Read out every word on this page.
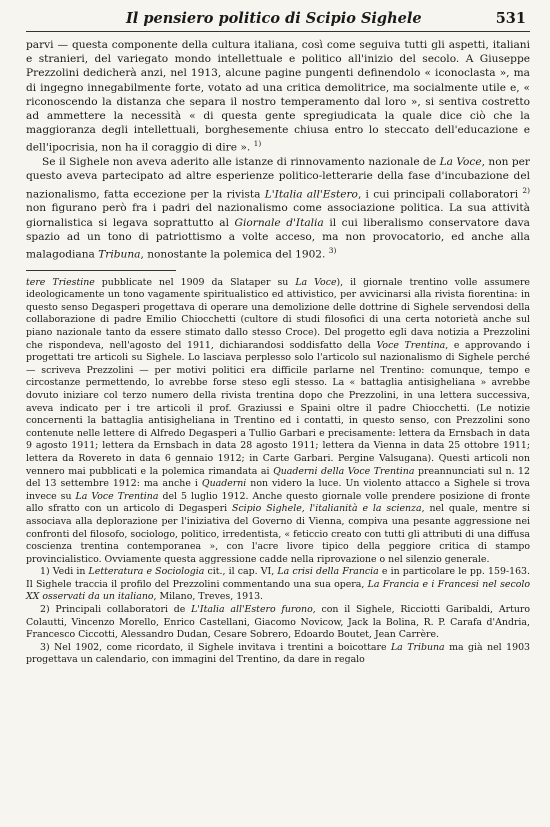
Il pensiero politico di Scipio Sighele	531

parvi — questa componente della cultura italiana, così come seguiva tutti gli aspetti, italiani e stranieri, del variegato mondo intellettuale e politico all'inizio del secolo. A Giuseppe Prezzolini dedicherà anzi, nel 1913, alcune pagine pungenti definendolo « iconoclasta », ma di ingegno innegabilmente forte, votato ad una critica demolitrice, ma socialmente utile e, « riconoscendo la distanza che separa il nostro temperamento dal loro », si sentiva costretto ad ammettere la necessità « di questa gente spregiudicata la quale dice ciò che la maggioranza degli intellettuali, borghesemente chiusa entro lo steccato dell'educazione e dell'ipocrisia, non ha il coraggio di dire ». $^{1)}$

Se il Sighele non aveva aderito alle istanze di rinnovamento nazionale de La Voce, non per questo aveva partecipato ad altre esperienze politico-letterarie della fase d'incubazione del nazionalismo, fatta eccezione per la rivista L'Italia all'Estero, i cui principali collaboratori $^{2)}$ non figurano però fra i padri del nazionalismo come associazione politica. La sua attività giornalistica si legava soprattutto al Giornale d'Italia il cui liberalismo conservatore dava spazio ad un tono di patriottismo a volte acceso, ma non provocatorio, ed anche alla malagodiana Tribuna, nonostante la polemica del 1902. $^{3)}$

tere Triestine pubblicate nel 1909 da Slataper su La Voce), il giornale trentino volle assumere ideologicamente un tono vagamente spiritualistico ed attivistico, per avvicinarsi alla rivista fiorentina: in questo senso Degasperi progettava di operare una demolizione delle dottrine di Sighele servendosi della collaborazione di padre Emilio Chiocchetti (cultore di studi filosofici di una certa notorietà anche sul piano nazionale tanto da essere stimato dallo stesso Croce). Del progetto egli dava notizia a Prezzolini che rispondeva, nell'agosto del 1911, dichiarandosi soddisfatto della Voce Trentina, e approvando i progettati tre articoli su Sighele. Lo lasciava perplesso solo l'articolo sul nazionalismo di Sighele perché — scriveva Prezzolini — per motivi politici era difficile parlarne nel Trentino: comunque, tempo e circostanze permettendo, lo avrebbe forse steso egli stesso. La « battaglia antisigheliana » avrebbe dovuto iniziare col terzo numero della rivista trentina dopo che Prezzolini, in una lettera successiva, aveva indicato per i tre articoli il prof. Graziussi e Spaini oltre il padre Chiocchetti. (Le notizie concernenti la battaglia antisigheliana in Trentino ed i contatti, in questo senso, con Prezzolini sono contenute nelle lettere di Alfredo Degasperi a Tullio Garbari e precisamente: lettera da Ernsbach in data 9 agosto 1911; lettera da Ernsbach in data 28 agosto 1911; lettera da Vienna in data 25 ottobre 1911; lettera da Rovereto in data 6 gennaio 1912; in Carte Garbari. Pergine Valsugana). Questi articoli non vennero mai pubblicati e la polemica rimandata ai Quaderni della Voce Trentina preannunciati sul n. 12 del 13 settembre 1912: ma anche i Quaderni non videro la luce. Un violento attacco a Sighele si trova invece su La Voce Trentina del 5 luglio 1912. Anche questo giornale volle prendere posizione di fronte allo sfratto con un articolo di Degasperi Scipio Sighele, l'italianità e la scienza, nel quale, mentre si associava alla deplorazione per l'iniziativa del Governo di Vienna, compiva una pesante aggressione nei confronti del filosofo, sociologo, politico, irredentista, « feticcio creato con tutti gli attributi di una diffusa coscienza trentina contemporanea », con l'acre livore tipico della peggiore critica di stampo provincialistico. Ovviamente questa aggressione cadde nella riprovazione o nel silenzio generale.

1) Vedi in Letteratura e Sociologia cit., il cap. VI, La crisi della Francia e in particolare le pp. 159-163. Il Sighele traccia il profilo del Prezzolini commentando una sua opera, La Francia e i Francesi nel secolo XX osservati da un italiano, Milano, Treves, 1913.

2) Principali collaboratori de L'Italia all'Estero furono, con il Sighele, Ricciotti Garibaldi, Arturo Colautti, Vincenzo Morello, Enrico Castellani, Giacomo Novicow, Jack la Bolina, R. P. Carafa d'Andria, Francesco Ciccotti, Alessandro Dudan, Cesare Sobrero, Edoardo Boutet, Jean Carrère.

3) Nel 1902, come ricordato, il Sighele invitava i trentini a boicottare La Tribuna ma già nel 1903 progettava un calendario, con immagini del Trentino, da dare in regalo
